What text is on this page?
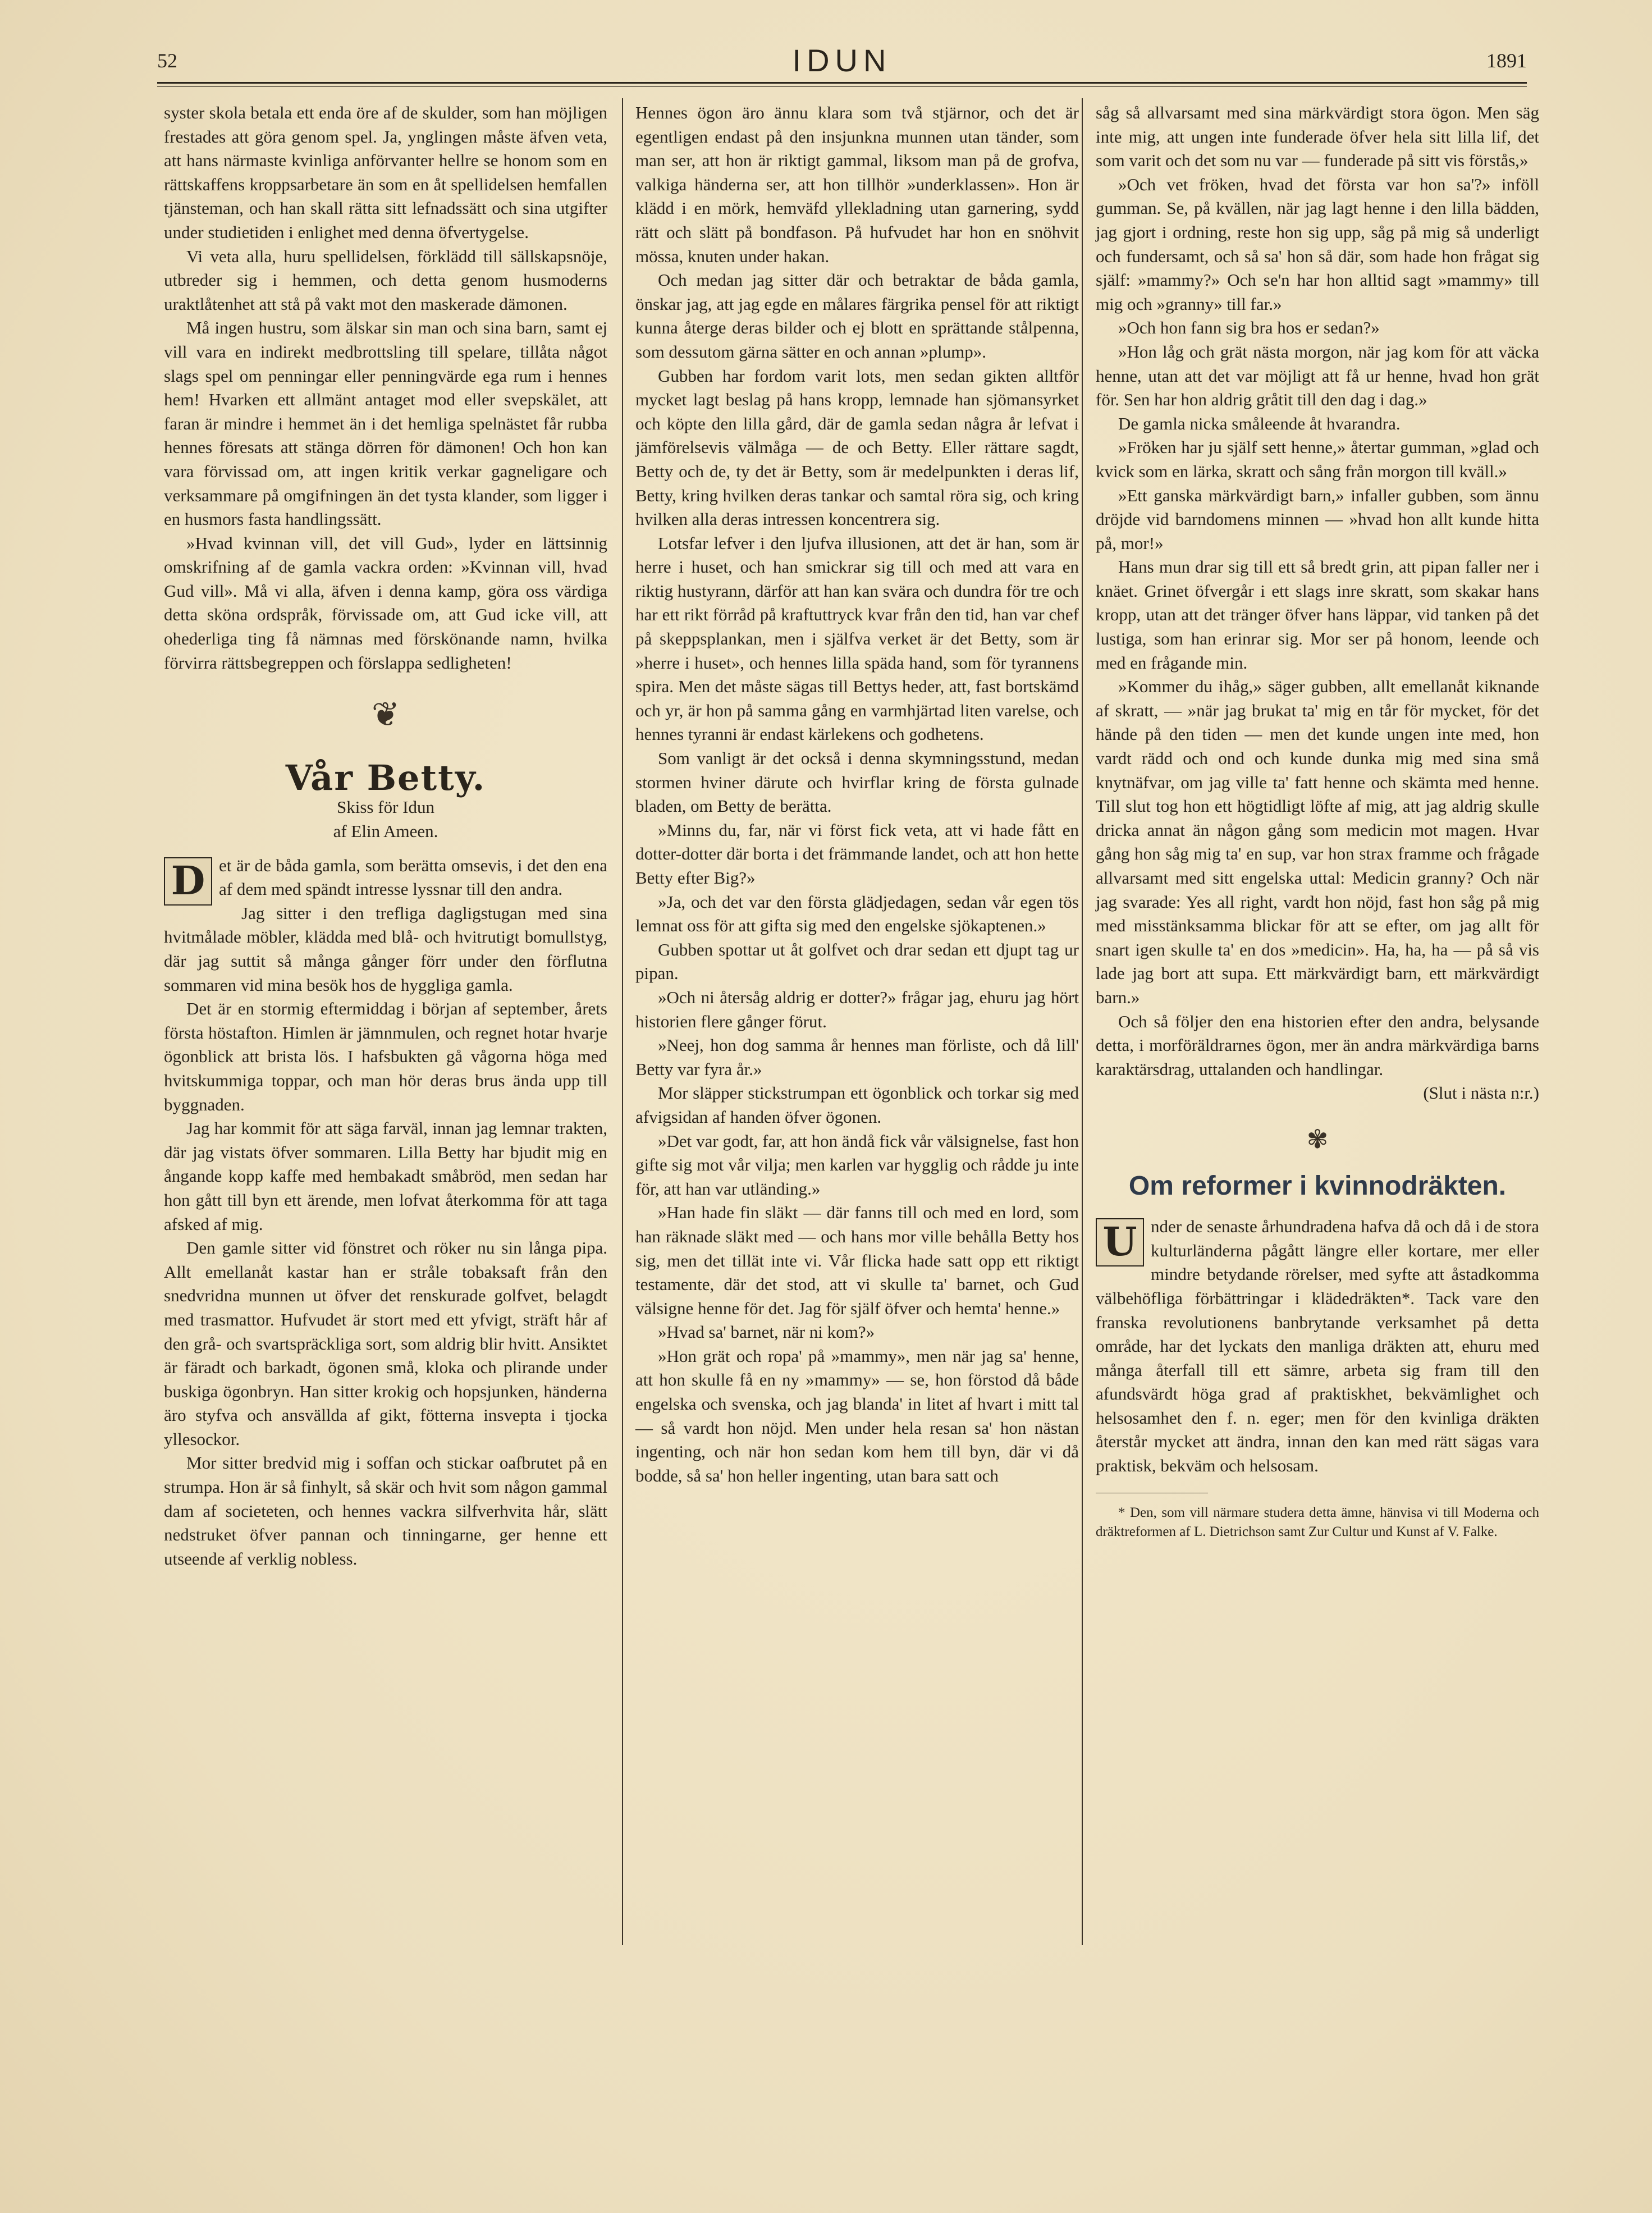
52	IDUN	1891

syster skola betala ett enda öre af de skulder, som han möjligen frestades att göra genom spel. Ja, ynglingen måste äfven veta, att hans närmaste kvinliga anförvanter hellre se honom som en rättskaffens kroppsarbetare än som en åt spellidelsen hemfallen tjänsteman, och han skall rätta sitt lefnadssätt och sina utgifter under studietiden i enlighet med denna öfvertygelse.

Vi veta alla, huru spellidelsen, förklädd till sällskapsnöje, utbreder sig i hemmen, och detta genom husmoderns uraktlåtenhet att stå på vakt mot den maskerade dämonen.

Må ingen hustru, som älskar sin man och sina barn, samt ej vill vara en indirekt medbrottsling till spelare, tillåta något slags spel om penningar eller penningvärde ega rum i hennes hem! Hvarken ett allmänt antaget mod eller svepskälet, att faran är mindre i hemmet än i det hemliga spelnästet får rubba hennes föresats att stänga dörren för dämonen! Och hon kan vara förvissad om, att ingen kritik verkar gagneligare och verksammare på omgifningen än det tysta klander, som ligger i en husmors fasta handlingssätt.

»Hvad kvinnan vill, det vill Gud», lyder en lättsinnig omskrifning af de gamla vackra orden: »Kvinnan vill, hvad Gud vill». Må vi alla, äfven i denna kamp, göra oss värdiga detta sköna ordspråk, förvissade om, att Gud icke vill, att ohederliga ting få nämnas med förskönande namn, hvilka förvirra rättsbegreppen och förslappa sedligheten!

❦
Vår Betty.

Skiss för Idun

af Elin Ameen.

D et är de båda gamla, som berätta omsevis, i det den ena af dem med spändt intresse lyssnar till den andra.

Jag sitter i den trefliga dagligstugan med sina hvitmålade möbler, klädda med blå- och hvitrutigt bomullstyg, där jag suttit så många gånger förr under den förflutna sommaren vid mina besök hos de hyggliga gamla.

Det är en stormig eftermiddag i början af september, årets första höstafton. Himlen är jämnmulen, och regnet hotar hvarje ögonblick att brista lös. I hafsbukten gå vågorna höga med hvitskummiga toppar, och man hör deras brus ända upp till byggnaden.

Jag har kommit för att säga farväl, innan jag lemnar trakten, där jag vistats öfver sommaren. Lilla Betty har bjudit mig en ångande kopp kaffe med hembakadt småbröd, men sedan har hon gått till byn ett ärende, men lofvat återkomma för att taga afsked af mig.

Den gamle sitter vid fönstret och röker nu sin långa pipa. Allt emellanåt kastar han er stråle tobaksaft från den snedvridna munnen ut öfver det renskurade golfvet, belagdt med trasmattor. Hufvudet är stort med ett yfvigt, sträft hår af den grå- och svartspräckliga sort, som aldrig blir hvitt. Ansiktet är färadt och barkadt, ögonen små, kloka och plirande under buskiga ögonbryn. Han sitter krokig och hopsjunken, händerna äro styfva och ansvällda af gikt, fötterna insvepta i tjocka yllesockor.

Mor sitter bredvid mig i soffan och stickar oafbrutet på en strumpa. Hon är så finhylt, så skär och hvit som någon gammal dam af societeten, och hennes vackra silfverhvita hår, slätt nedstruket öfver pannan och tinningarne, ger henne ett utseende af verklig nobless.

Hennes ögon äro ännu klara som två stjärnor, och det är egentligen endast på den insjunkna munnen utan tänder, som man ser, att hon är riktigt gammal, liksom man på de grofva, valkiga händerna ser, att hon tillhör »underklassen». Hon är klädd i en mörk, hemväfd yllekladning utan garnering, sydd rätt och slätt på bondfason. På hufvudet har hon en snöhvit mössa, knuten under hakan.

Och medan jag sitter där och betraktar de båda gamla, önskar jag, att jag egde en målares färgrika pensel för att riktigt kunna återge deras bilder och ej blott en sprättande stålpenna, som dessutom gärna sätter en och annan »plump».

Gubben har fordom varit lots, men sedan gikten alltför mycket lagt beslag på hans kropp, lemnade han sjömansyrket och köpte den lilla gård, där de gamla sedan några år lefvat i jämförelsevis välmåga — de och Betty. Eller rättare sagdt, Betty och de, ty det är Betty, som är medelpunkten i deras lif, Betty, kring hvilken deras tankar och samtal röra sig, och kring hvilken alla deras intressen koncentrera sig.

Lotsfar lefver i den ljufva illusionen, att det är han, som är herre i huset, och han smickrar sig till och med att vara en riktig hustyrann, därför att han kan svära och dundra för tre och har ett rikt förråd på kraftuttryck kvar från den tid, han var chef på skeppsplankan, men i själfva verket är det Betty, som är »herre i huset», och hennes lilla späda hand, som för tyrannens spira. Men det måste sägas till Bettys heder, att, fast bortskämd och yr, är hon på samma gång en varmhjärtad liten varelse, och hennes tyranni är endast kärlekens och godhetens.

Som vanligt är det också i denna skymningsstund, medan stormen hviner därute och hvirflar kring de första gulnade bladen, om Betty de berätta.

»Minns du, far, när vi först fick veta, att vi hade fått en dotter-dotter där borta i det främmande landet, och att hon hette Betty efter Big?»

»Ja, och det var den första glädjedagen, sedan vår egen tös lemnat oss för att gifta sig med den engelske sjökaptenen.»

Gubben spottar ut åt golfvet och drar sedan ett djupt tag ur pipan.

»Och ni återsåg aldrig er dotter?» frågar jag, ehuru jag hört historien flere gånger förut.

»Neej, hon dog samma år hennes man förliste, och då lill' Betty var fyra år.»

Mor släpper stickstrumpan ett ögonblick och torkar sig med afvigsidan af handen öfver ögonen.

»Det var godt, far, att hon ändå fick vår välsignelse, fast hon gifte sig mot vår vilja; men karlen var hygglig och rådde ju inte för, att han var utländing.»

»Han hade fin släkt — där fanns till och med en lord, som han räknade släkt med — och hans mor ville behålla Betty hos sig, men det tillät inte vi. Vår flicka hade satt opp ett riktigt testamente, där det stod, att vi skulle ta' barnet, och Gud välsigne henne för det. Jag för själf öfver och hemta' henne.»

»Hvad sa' barnet, när ni kom?»

»Hon grät och ropa' på »mammy», men när jag sa' henne, att hon skulle få en ny »mammy» — se, hon förstod då både engelska och svenska, och jag blanda' in litet af hvart i mitt tal — så vardt hon nöjd. Men under hela resan sa' hon nästan ingenting, och när hon sedan kom hem till byn, där vi då bodde, så sa' hon heller ingenting, utan bara satt och

såg så allvarsamt med sina märkvärdigt stora ögon. Men säg inte mig, att ungen inte funderade öfver hela sitt lilla lif, det som varit och det som nu var — funderade på sitt vis förstås,»

»Och vet fröken, hvad det första var hon sa'?» inföll gumman. Se, på kvällen, när jag lagt henne i den lilla bädden, jag gjort i ordning, reste hon sig upp, såg på mig så underligt och fundersamt, och så sa' hon så där, som hade hon frågat sig själf: »mammy?» Och se'n har hon alltid sagt »mammy» till mig och »granny» till far.»

»Och hon fann sig bra hos er sedan?»

»Hon låg och grät nästa morgon, när jag kom för att väcka henne, utan att det var möjligt att få ur henne, hvad hon grät för. Sen har hon aldrig gråtit till den dag i dag.»

De gamla nicka småleende åt hvarandra.

»Fröken har ju själf sett henne,» återtar gumman, »glad och kvick som en lärka, skratt och sång från morgon till kväll.»

»Ett ganska märkvärdigt barn,» infaller gubben, som ännu dröjde vid barndomens minnen — »hvad hon allt kunde hitta på, mor!»

Hans mun drar sig till ett så bredt grin, att pipan faller ner i knäet. Grinet öfvergår i ett slags inre skratt, som skakar hans kropp, utan att det tränger öfver hans läppar, vid tanken på det lustiga, som han erinrar sig. Mor ser på honom, leende och med en frågande min.

»Kommer du ihåg,» säger gubben, allt emellanåt kiknande af skratt, — »när jag brukat ta' mig en tår för mycket, för det hände på den tiden — men det kunde ungen inte med, hon vardt rädd och ond och kunde dunka mig med sina små knytnäfvar, om jag ville ta' fatt henne och skämta med henne. Till slut tog hon ett högtidligt löfte af mig, att jag aldrig skulle dricka annat än någon gång som medicin mot magen. Hvar gång hon såg mig ta' en sup, var hon strax framme och frågade allvarsamt med sitt engelska uttal: Medicin granny? Och när jag svarade: Yes all right, vardt hon nöjd, fast hon såg på mig med misstänksamma blickar för att se efter, om jag allt för snart igen skulle ta' en dos »medicin». Ha, ha, ha — på så vis lade jag bort att supa. Ett märkvärdigt barn, ett märkvärdigt barn.»

Och så följer den ena historien efter den andra, belysande detta, i morföräldrarnes ögon, mer än andra märkvärdiga barns karaktärsdrag, uttalanden och handlingar.

(Slut i nästa n:r.)

✾
Om reformer i kvinnodräkten.

U nder de senaste århundradena hafva då och då i de stora kulturländerna pågått längre eller kortare, mer eller mindre betydande rörelser, med syfte att åstadkomma välbehöfliga förbättringar i klädedräkten*. Tack vare den franska revolutionens banbrytande verksamhet på detta område, har det lyckats den manliga dräkten att, ehuru med många återfall till ett sämre, arbeta sig fram till den afundsvärdt höga grad af praktiskhet, bekvämlighet och helsosamhet den f. n. eger; men för den kvinliga dräkten återstår mycket att ändra, innan den kan med rätt sägas vara praktisk, bekväm och helsosam.

* Den, som vill närmare studera detta ämne, hänvisa vi till Moderna och dräktreformen af L. Dietrichson samt Zur Cultur und Kunst af V. Falke.
